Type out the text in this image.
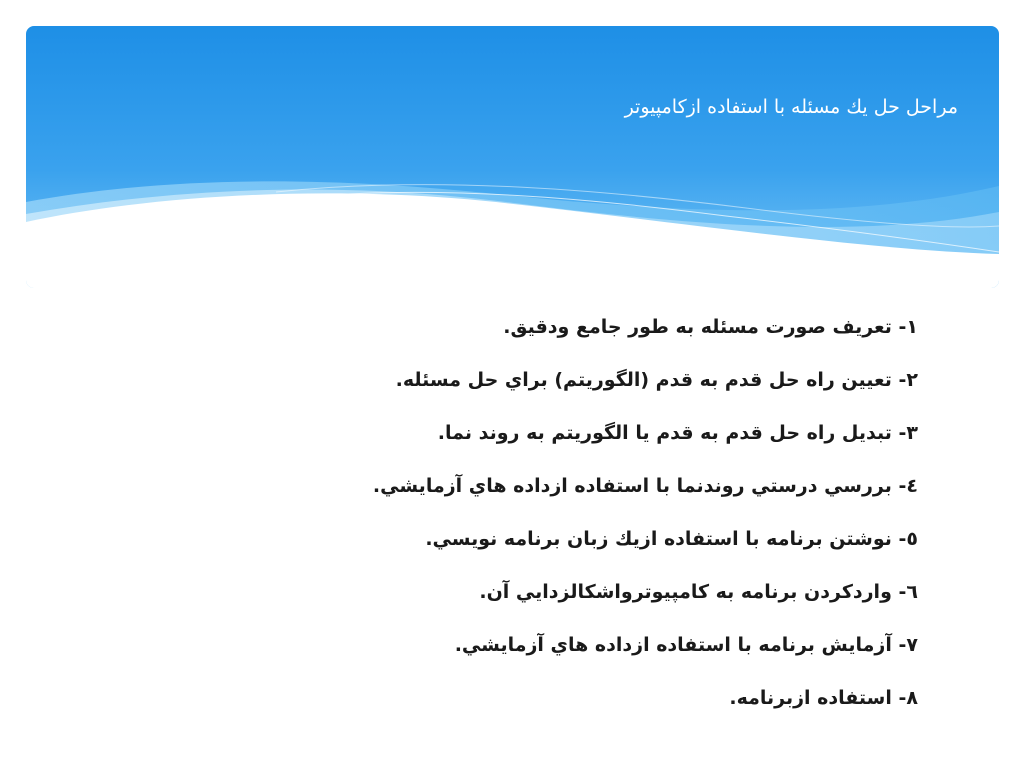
مراحل حل يك مسئله با استفاده ازكامپيوتر
١- تعريف صورت مسئله به طور جامع ودقيق.
٢- تعيين راه حل قدم به قدم (الگوريتم) براي حل مسئله.
٣- تبديل راه حل قدم به قدم يا الگوريتم به روند نما.
٤- بررسي درستي روندنما با استفاده ازداده هاي آزمايشي.
٥- نوشتن برنامه با استفاده ازيك زبان برنامه نويسي.
٦- واردكردن برنامه به كامپيوترواشكالزدايي آن.
٧- آزمايش برنامه با استفاده ازداده هاي آزمايشي.
٨- استفاده ازبرنامه.
